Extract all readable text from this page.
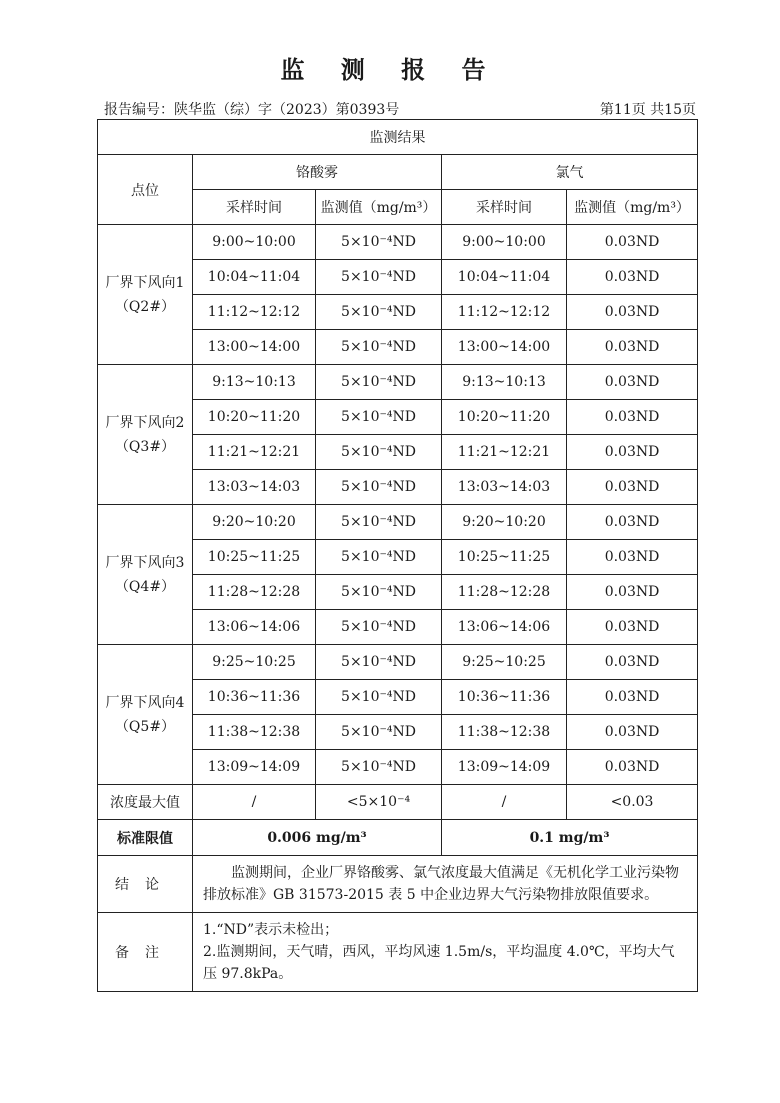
监 测 报 告
报告编号：陕华监（综）字（2023）第0393号	第11页 共15页
监测结果				
点位	铬酸雾		氯气	
	采样时间	监测值（mg/m³）	采样时间	监测值（mg/m³）
厂界下风向1（Q2#）	9:00~10:00	5×10⁻⁴ND	9:00~10:00	0.03ND
	10:04~11:04	5×10⁻⁴ND	10:04~11:04	0.03ND
	11:12~12:12	5×10⁻⁴ND	11:12~12:12	0.03ND
	13:00~14:00	5×10⁻⁴ND	13:00~14:00	0.03ND
厂界下风向2（Q3#）	9:13~10:13	5×10⁻⁴ND	9:13~10:13	0.03ND
	10:20~11:20	5×10⁻⁴ND	10:20~11:20	0.03ND
	11:21~12:21	5×10⁻⁴ND	11:21~12:21	0.03ND
	13:03~14:03	5×10⁻⁴ND	13:03~14:03	0.03ND
厂界下风向3（Q4#）	9:20~10:20	5×10⁻⁴ND	9:20~10:20	0.03ND
	10:25~11:25	5×10⁻⁴ND	10:25~11:25	0.03ND
	11:28~12:28	5×10⁻⁴ND	11:28~12:28	0.03ND
	13:06~14:06	5×10⁻⁴ND	13:06~14:06	0.03ND
厂界下风向4（Q5#）	9:25~10:25	5×10⁻⁴ND	9:25~10:25	0.03ND
	10:36~11:36	5×10⁻⁴ND	10:36~11:36	0.03ND
	11:38~12:38	5×10⁻⁴ND	11:38~12:38	0.03ND
	13:09~14:09	5×10⁻⁴ND	13:09~14:09	0.03ND
浓度最大值	/	<5×10⁻⁴	/	<0.03
标准限值	0.006 mg/m³		0.1 mg/m³	
结论	监测期间，企业厂界铬酸雾、氯气浓度最大值满足《无机化学工业污染物排放标准》GB 31573-2015 表 5 中企业边界大气污染物排放限值要求。			
备注	1.“ND”表示未检出；
2.监测期间，天气晴，西风，平均风速 1.5m/s，平均温度 4.0℃，平均大气压 97.8kPa。			
